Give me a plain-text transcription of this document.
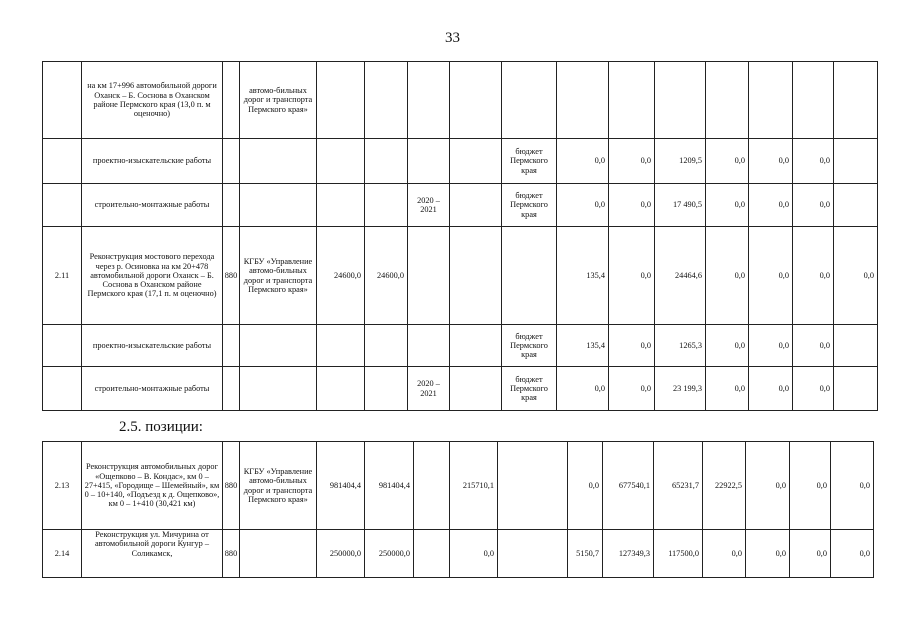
33
	на км 17+996 автомобильной дороги Оханск – Б. Соснова в Оханском районе Пермского края (13,0 п. м оценочно)		автомо-бильных дорог и транспорта Пермского края»												
	проектно-изыскательские работы							бюджет Пермского края	0,0	0,0	1209,5	0,0	0,0	0,0	
	строительно-монтажные работы					2020 – 2021		бюджет Пермского края	0,0	0,0	17 490,5	0,0	0,0	0,0	
2.11	Реконструкция мостового перехода через р. Осиновка на км 20+478 автомобильной дороги Оханск – Б. Соснова в Оханском районе Пермского края (17,1 п. м оценочно)	880	КГБУ «Управление автомо-бильных дорог и транспорта Пермского края»	24600,0	24600,0				135,4	0,0	24464,6	0,0	0,0	0,0	0,0
	проектно-изыскательские работы							бюджет Пермского края	135,4	0,0	1265,3	0,0	0,0	0,0	
	строительно-монтажные работы					2020 – 2021		бюджет Пермского края	0,0	0,0	23 199,3	0,0	0,0	0,0	
2.5. позиции:
2.13	Реконструкция автомобильных дорог «Ощепково – В. Кондас», км 0 – 27+415, «Городище – Шемейный», км 0 – 10+140, «Подъезд к д. Ощепково», км 0 – 1+410 (30,421 км)	880	КГБУ «Управление автомо-бильных дорог и транспорта Пермского края»	981404,4	981404,4		215710,1		0,0	677540,1	65231,7	22922,5	0,0	0,0	0,0
2.14	Реконструкция ул. Мичурина от автомобильной дороги Кунгур – Соликамск,	880		250000,0	250000,0		0,0		5150,7	127349,3	117500,0	0,0	0,0	0,0	0,0
